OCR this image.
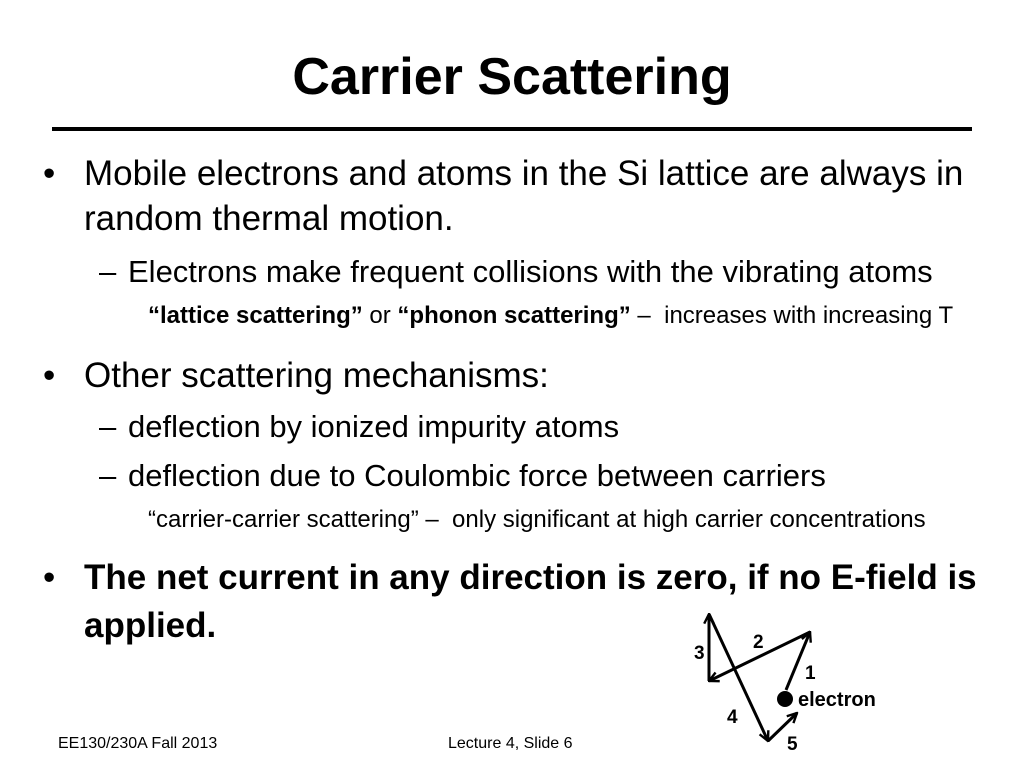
Carrier Scattering
• Mobile electrons and atoms in the Si lattice are always in
random thermal motion.
– Electrons make frequent collisions with the vibrating atoms
“lattice scattering” or “phonon scattering” –  increases with increasing T
• Other scattering mechanisms:
– deflection by ionized impurity atoms
– deflection due to Coulombic force between carriers
“carrier-carrier scattering” –  only significant at high carrier concentrations
• The net current in any direction is zero, if no E-field is
applied.
1
2
3
4
5
electron
EE130/230A Fall 2013	Lecture 4, Slide 6
